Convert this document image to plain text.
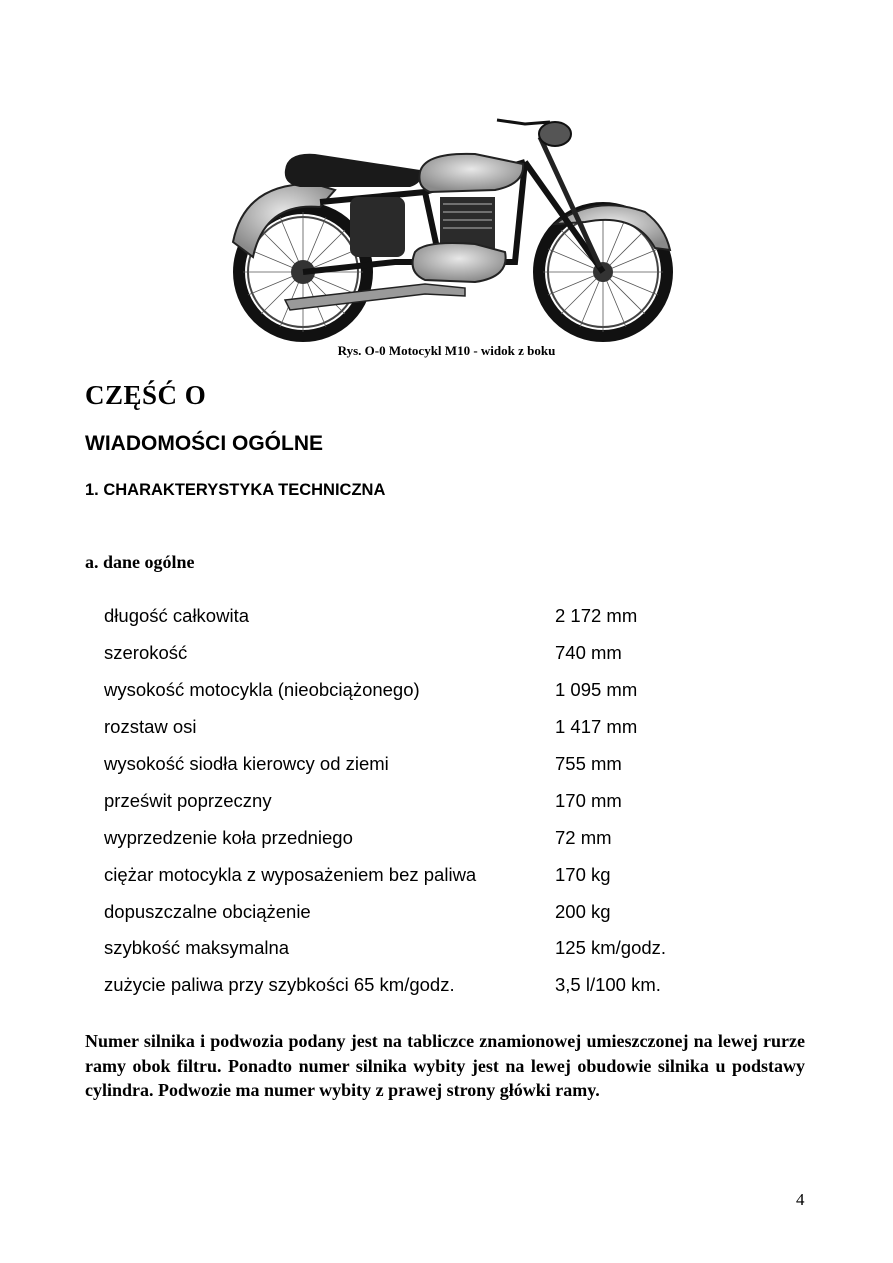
Rys. O-0 Motocykl M10 - widok z boku
CZĘŚĆ O
WIADOMOŚCI OGÓLNE
1. CHARAKTERYSTYKA TECHNICZNA
a. dane ogólne
długość całkowita	2 172 mm
szerokość	740 mm
wysokość motocykla (nieobciążonego)	1 095 mm
rozstaw osi	1 417 mm
wysokość siodła kierowcy od ziemi	755 mm
prześwit poprzeczny	170 mm
wyprzedzenie koła przedniego	72 mm
ciężar motocykla z wyposażeniem bez paliwa	170 kg
dopuszczalne obciążenie	200 kg
szybkość maksymalna	125 km/godz.
zużycie paliwa przy szybkości 65 km/godz.	3,5 l/100 km.

Numer silnika i podwozia podany jest na tabliczce znamionowej umieszczonej na lewej rurze ramy obok filtru. Ponadto numer silnika wybity jest na lewej obudowie silnika u podstawy cylindra. Podwozie ma numer wybity z prawej strony główki ramy.

4
